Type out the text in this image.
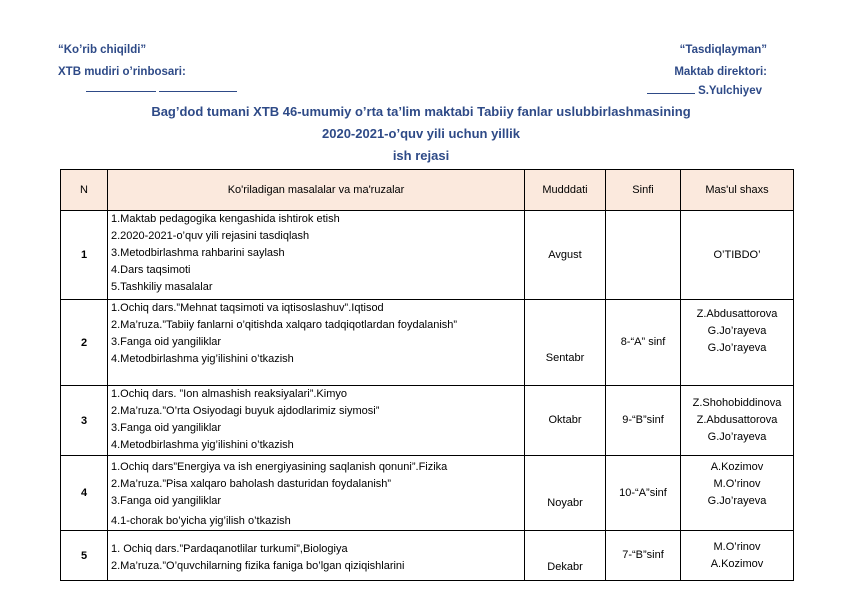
“Ko’rib chiqildi”
XTB mudiri o’rinbosari:

“Tasdiqlayman”
Maktab direktori:
S.Yulchiyev
Bag’dod tumani XTB 46-umumiy o’rta ta’lim maktabi Tabiiy fanlar uslubbirlashmasining
2020-2021-o’quv yili uchun yillik
ish rejasi
N	Ko'riladigan masalalar va ma'ruzalar	Mudddati	Sinfi	Mas'ul shaxs
1	1.Maktab pedagogika kengashida ishtirok etish
2.2020-2021-o’quv yili rejasini tasdiqlash
3.Metodbirlashma rahbarini saylash
4.Dars taqsimoti
5.Tashkiliy masalalar	Avgust		O’TIBDO’

2	1.Ochiq dars.”Mehnat taqsimoti va iqtisoslashuv”.Iqtisod
2.Ma’ruza.”Tabiiy fanlarni o’qitishda xalqaro tadqiqotlardan foydalanish”
3.Fanga oid yangiliklar
4.Metodbirlashma yig’ilishini o’tkazish	Sentabr	8-“A” sinf	Z.Abdusattorova
G.Jo’rayeva
G.Jo’rayeva

3	1.Ochiq dars. ”Ion almashish reaksiyalari”.Kimyo
2.Ma’ruza.”O’rta Osiyodagi buyuk ajdodlarimiz siymosi”
3.Fanga oid yangiliklar
4.Metodbirlashma yig’ilishini o’tkazish	Oktabr	9-“B”sinf	Z.Shohobiddinova
Z.Abdusattorova
G.Jo’rayeva

4	1.Ochiq dars”Energiya va ish energiyasining saqlanish qonuni”.Fizika
2.Ma’ruza.”Pisa xalqaro baholash dasturidan foydalanish”
3.Fanga oid yangiliklar
4.1-chorak bo’yicha yig’ilish o’tkazish	Noyabr	10-“A”sinf	A.Kozimov
M.O’rinov
G.Jo’rayeva

5	1. Ochiq dars.”Pardaqanotlilar turkumi”,Biologiya
2.Ma’ruza.”O’quvchilarning fizika faniga bo’lgan qiziqishlarini	Dekabr	7-“B”sinf	M.O’rinov
A.Kozimov
